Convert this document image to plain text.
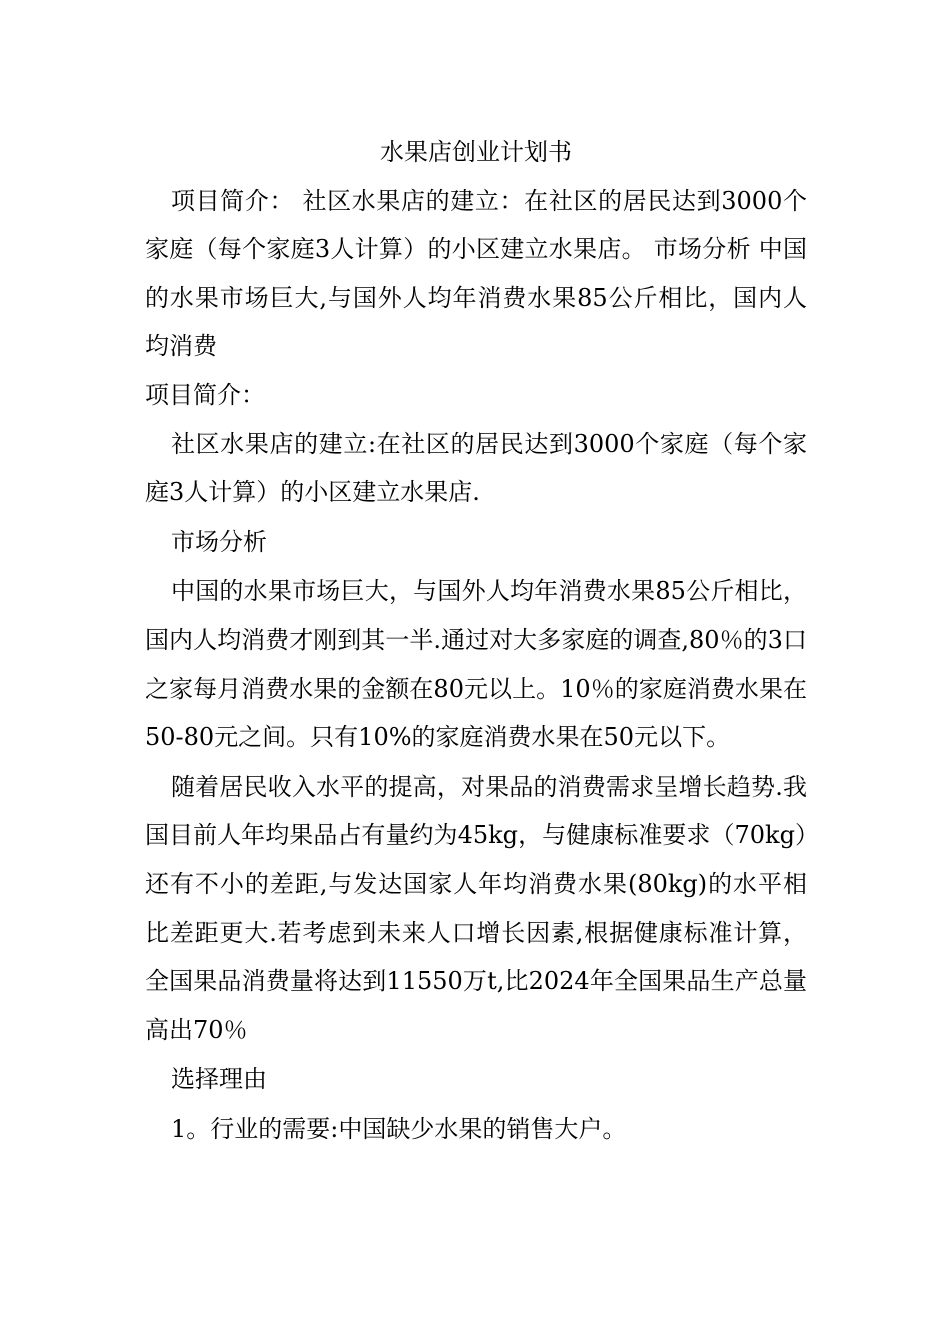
水果店创业计划书

项目简介： 社区水果店的建立：在社区的居民达到3000个家庭（每个家庭3人计算）的小区建立水果店。 市场分析 中国的水果市场巨大,与国外人均年消费水果85公斤相比，国内人均消费

项目简介：

社区水果店的建立:在社区的居民达到3000个家庭（每个家庭3人计算）的小区建立水果店.

市场分析

中国的水果市场巨大，与国外人均年消费水果85公斤相比，国内人均消费才刚到其一半.通过对大多家庭的调查,80％的3口之家每月消费水果的金额在80元以上。10％的家庭消费水果在50-80元之间。只有10%的家庭消费水果在50元以下。

随着居民收入水平的提高，对果品的消费需求呈增长趋势.我国目前人年均果品占有量约为45kg，与健康标准要求（70kg）还有不小的差距,与发达国家人年均消费水果(80kg)的水平相比差距更大.若考虑到未来人口增长因素,根据健康标准计算，全国果品消费量将达到11550万t,比2024年全国果品生产总量高出70％

选择理由

1。行业的需要:中国缺少水果的销售大户。
